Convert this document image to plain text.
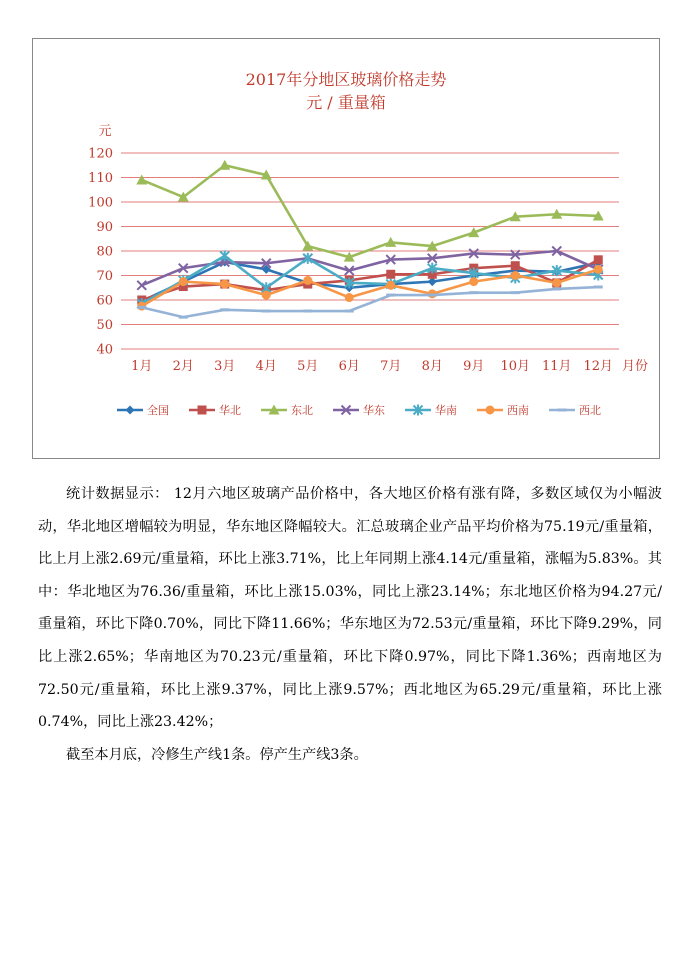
2017年分地区玻璃价格走势
元 / 重量箱
元
月份
40
50
60
70
80
90
100
110
120
1月 2月 3月 4月 5月 6月 7月 8月 9月 10月 11月 12月
全国	华北	东北	华东	华南	西南	西北

统计数据显示： 12月六地区玻璃产品价格中，各大地区价格有涨有降，多数区域仅为小幅波动，华北地区增幅较为明显，华东地区降幅较大。汇总玻璃企业产品平均价格为75.19元/重量箱，比上月上涨2.69元/重量箱，环比上涨3.71%，比上年同期上涨4.14元/重量箱，涨幅为5.83%。其中：华北地区为76.36/重量箱，环比上涨15.03%，同比上涨23.14%；东北地区价格为94.27元/重量箱，环比下降0.70%，同比下降11.66%；华东地区为72.53元/重量箱，环比下降9.29%，同比上涨2.65%；华南地区为70.23元/重量箱，环比下降0.97%，同比下降1.36%；西南地区为72.50元/重量箱，环比上涨9.37%，同比上涨9.57%；西北地区为65.29元/重量箱，环比上涨0.74%，同比上涨23.42%；

截至本月底，冷修生产线1条。停产生产线3条。
